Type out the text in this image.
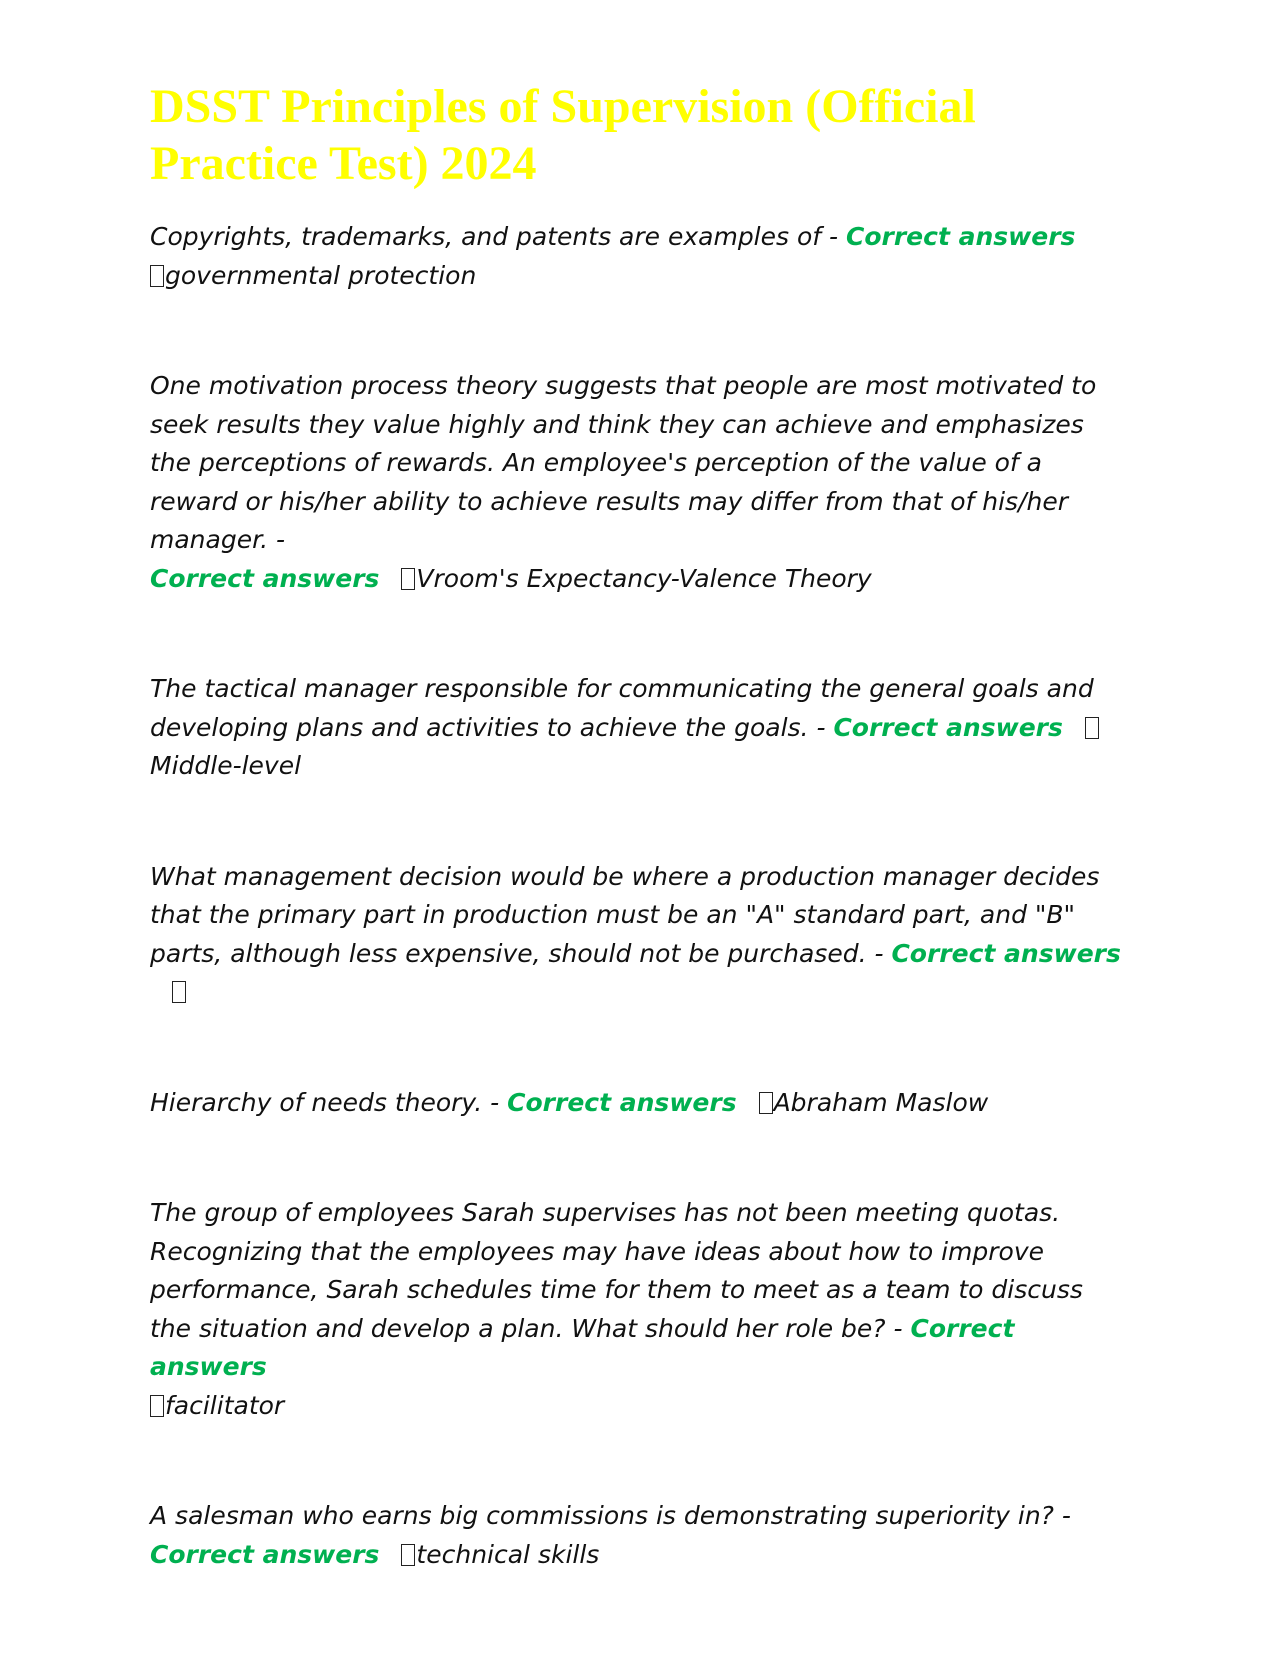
DSST Principles of Supervision (Official Practice Test) 2024

Copyrights, trademarks, and patents are examples of - Correct answers
governmental protection

One motivation process theory suggests that people are most motivated to seek results they value highly and think they can achieve and emphasizes the perceptions of rewards. An employee's perception of the value of a reward or his/her ability to achieve results may differ from that of his/her manager. -
Correct answers Vroom's Expectancy-Valence Theory

The tactical manager responsible for communicating the general goals and developing plans and activities to achieve the goals. - Correct answersMiddle-level

What management decision would be where a production manager decides that the primary part in production must be an "A" standard part, and "B" parts, although less expensive, should not be purchased. - Correct answers

Hierarchy of needs theory. - Correct answers Abraham Maslow

The group of employees Sarah supervises has not been meeting quotas. Recognizing that the employees may have ideas about how to improve performance, Sarah schedules time for them to meet as a team to discuss the situation and develop a plan. What should her role be? - Correct answers
facilitator

A salesman who earns big commissions is demonstrating superiority in? - Correct answers technical skills
